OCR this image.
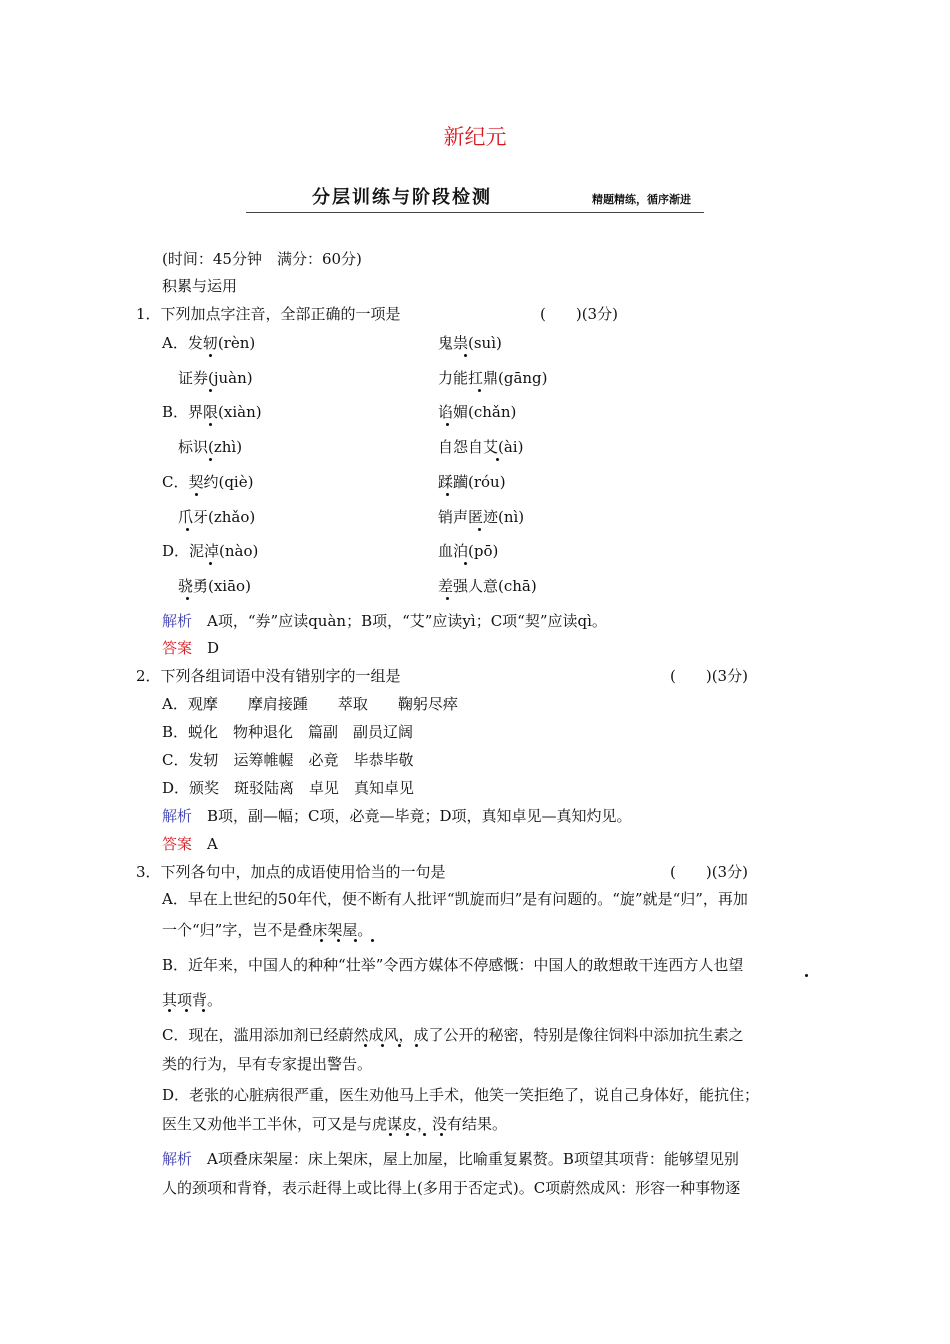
新纪元
分层训练与阶段检测	精题精练，循序渐进
(时间：45分钟　满分：60分)
积累与运用
1．下列加点字注音，全部正确的一项是	(　　)(3分)
A．发轫(rèn)	鬼祟(suì)
证券(juàn)	力能扛鼎(gāng)
B．界限(xiàn)	谄媚(chǎn)
标识(zhì)	自怨自艾(ài)
C．契约(qiè)	蹂躏(róu)
爪牙(zhǎo)	销声匿迹(nì)
D．泥淖(nào)	血泊(pō)
骁勇(xiāo)	差强人意(chā)
解析　 A项，“券”应读quàn；B项，“艾”应读yì；C项“契”应读qì。
答案　 D
2．下列各组词语中没有错别字的一组是	(　　)(3分)
A．观摩　　摩肩接踵　　萃取　　鞠躬尽瘁
B．蜕化　物种退化　篇副　副员辽阔
C．发轫　运筹帷幄　必竟　毕恭毕敬
D．颁奖　斑驳陆离　卓见　真知卓见
解析　 B项，副—幅；C项，必竟—毕竟；D项，真知卓见—真知灼见。
答案　 A
3．下列各句中，加点的成语使用恰当的一句是	(　　)(3分)
A．早在上世纪的50年代，便不断有人批评“凯旋而归”是有问题的。“旋”就是“归”，再加
一个“归”字，岂不是叠床架屋。
B．近年来，中国人的种种“壮举”令西方媒体不停感慨：中国人的敢想敢干连西方人也望
其项背。
C．现在，滥用添加剂已经蔚然成风，成了公开的秘密，特别是像往饲料中添加抗生素之
类的行为，早有专家提出警告。
D．老张的心脏病很严重，医生劝他马上手术，他笑一笑拒绝了，说自己身体好，能抗住；
医生又劝他半工半休，可又是与虎谋皮，没有结果。
解析　 A项叠床架屋：床上架床，屋上加屋，比喻重复累赘。B项望其项背：能够望见别
人的颈项和背脊，表示赶得上或比得上(多用于否定式)。C项蔚然成风：形容一种事物逐
